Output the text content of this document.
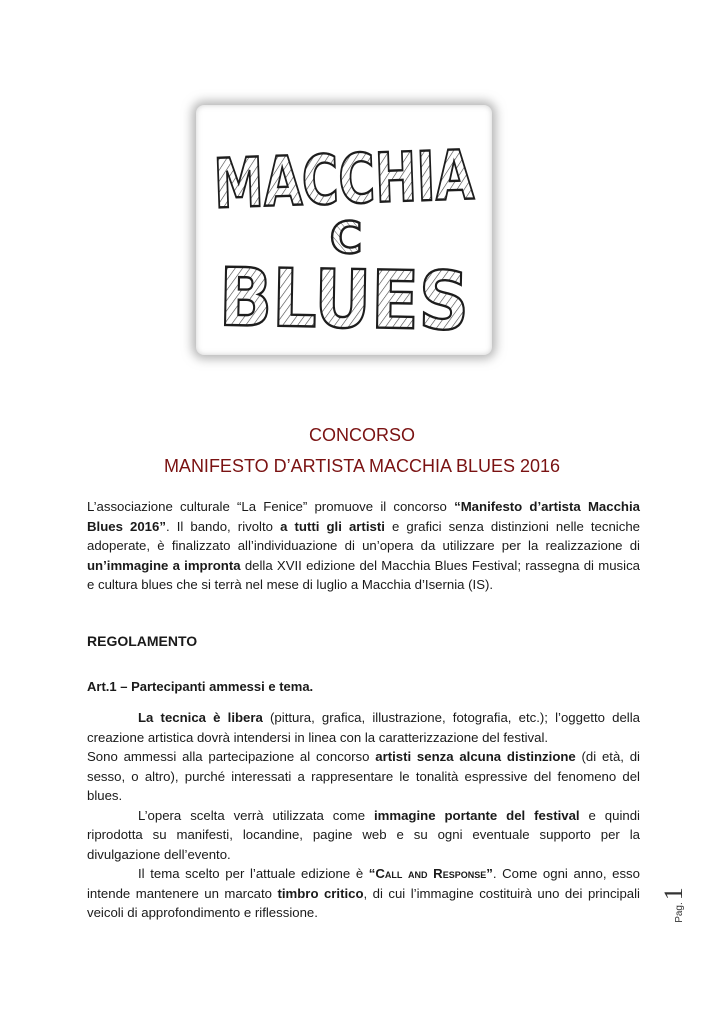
MACCHIA
C
BLUES
CONCORSO
MANIFESTO D’ARTISTA MACCHIA BLUES 2016
L’associazione culturale “La Fenice” promuove il concorso “Manifesto d’artista Macchia Blues 2016”. Il bando, rivolto a tutti gli artisti e grafici senza distinzioni nelle tecniche adoperate, è finalizzato all’individuazione di un’opera da utilizzare per la realizzazione di un’immagine a impronta della XVII edizione del Macchia Blues Festival; rassegna di musica e cultura blues che si terrà nel mese di luglio a Macchia d’Isernia (IS).
REGOLAMENTO
Art.1 – Partecipanti ammessi e tema.
La tecnica è libera (pittura, grafica, illustrazione, fotografia, etc.); l’oggetto della creazione artistica dovrà intendersi in linea con la caratterizzazione del festival.
Sono ammessi alla partecipazione al concorso artisti senza alcuna distinzione (di età, di sesso, o altro), purché interessati a rappresentare le tonalità espressive del fenomeno del blues.
L’opera scelta verrà utilizzata come immagine portante del festival e quindi riprodotta su manifesti, locandine, pagine web e su ogni eventuale supporto per la divulgazione dell’evento.
Il tema scelto per l’attuale edizione è “Call and Response”. Come ogni anno, esso intende mantenere un marcato timbro critico, di cui l’immagine costituirà uno dei principali veicoli di approfondimento e riflessione.	Pag.
1
